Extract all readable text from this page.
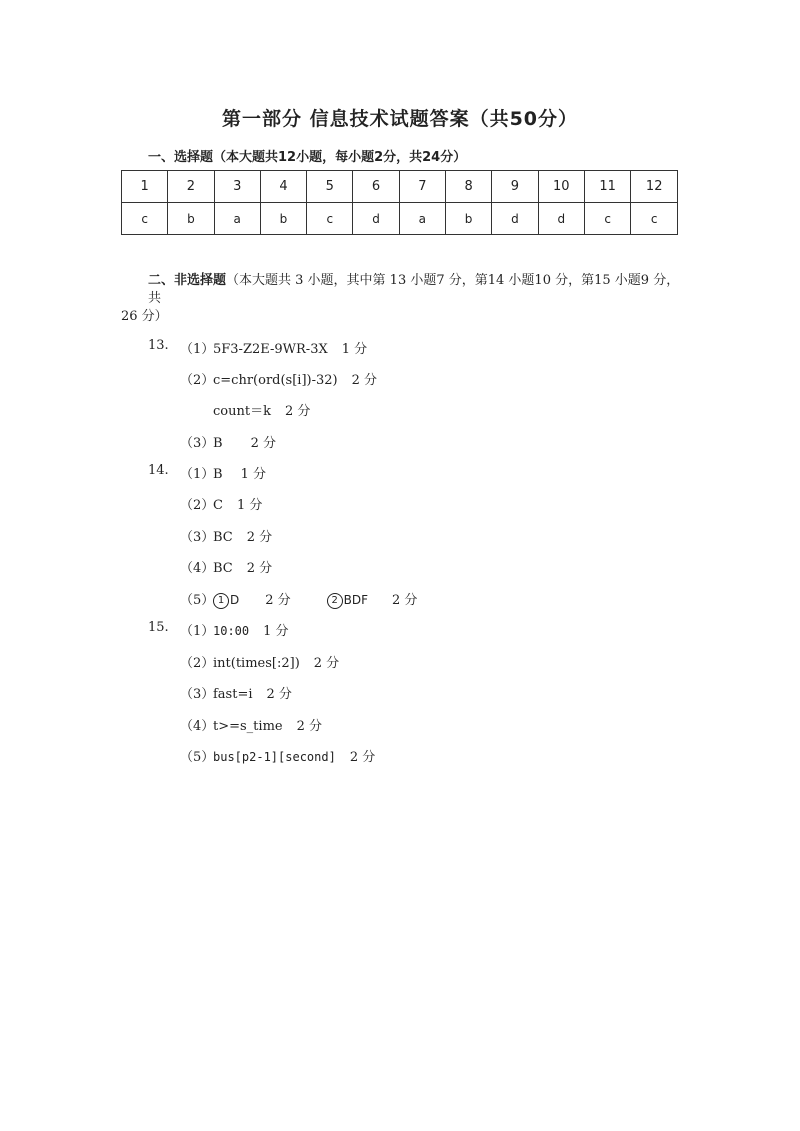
第一部分 信息技术试题答案（共50分）
一、选择题（本大题共12小题，每小题2分，共24分）
1	2	3	4	5	6	7	8	9	10	11	12
c	b	a	b	c	d	a	b	d	d	c	c
二、非选择题（本大题共 3 小题，其中第 13 小题7 分，第14 小题10 分，第15 小题9 分，共
26 分）
13. （1）
5F3-Z2E-9WR-3X 1 分
（2）
c=chr(ord(s[i])-32) 2 分
count＝k 2 分
（3）
B 2 分
14. （1）
B 1 分
（2）
C 1 分
（3）
BC 2 分
（4）
BC 2 分
（5） 1 D 2 分	2 BDF 2 分
15. （1）
10:00 1 分
（2）
int(times[:2]) 2 分
（3）
fast=i 2 分
（4）
t>=s_time 2 分
（5）
bus[p2-1][second] 2 分
